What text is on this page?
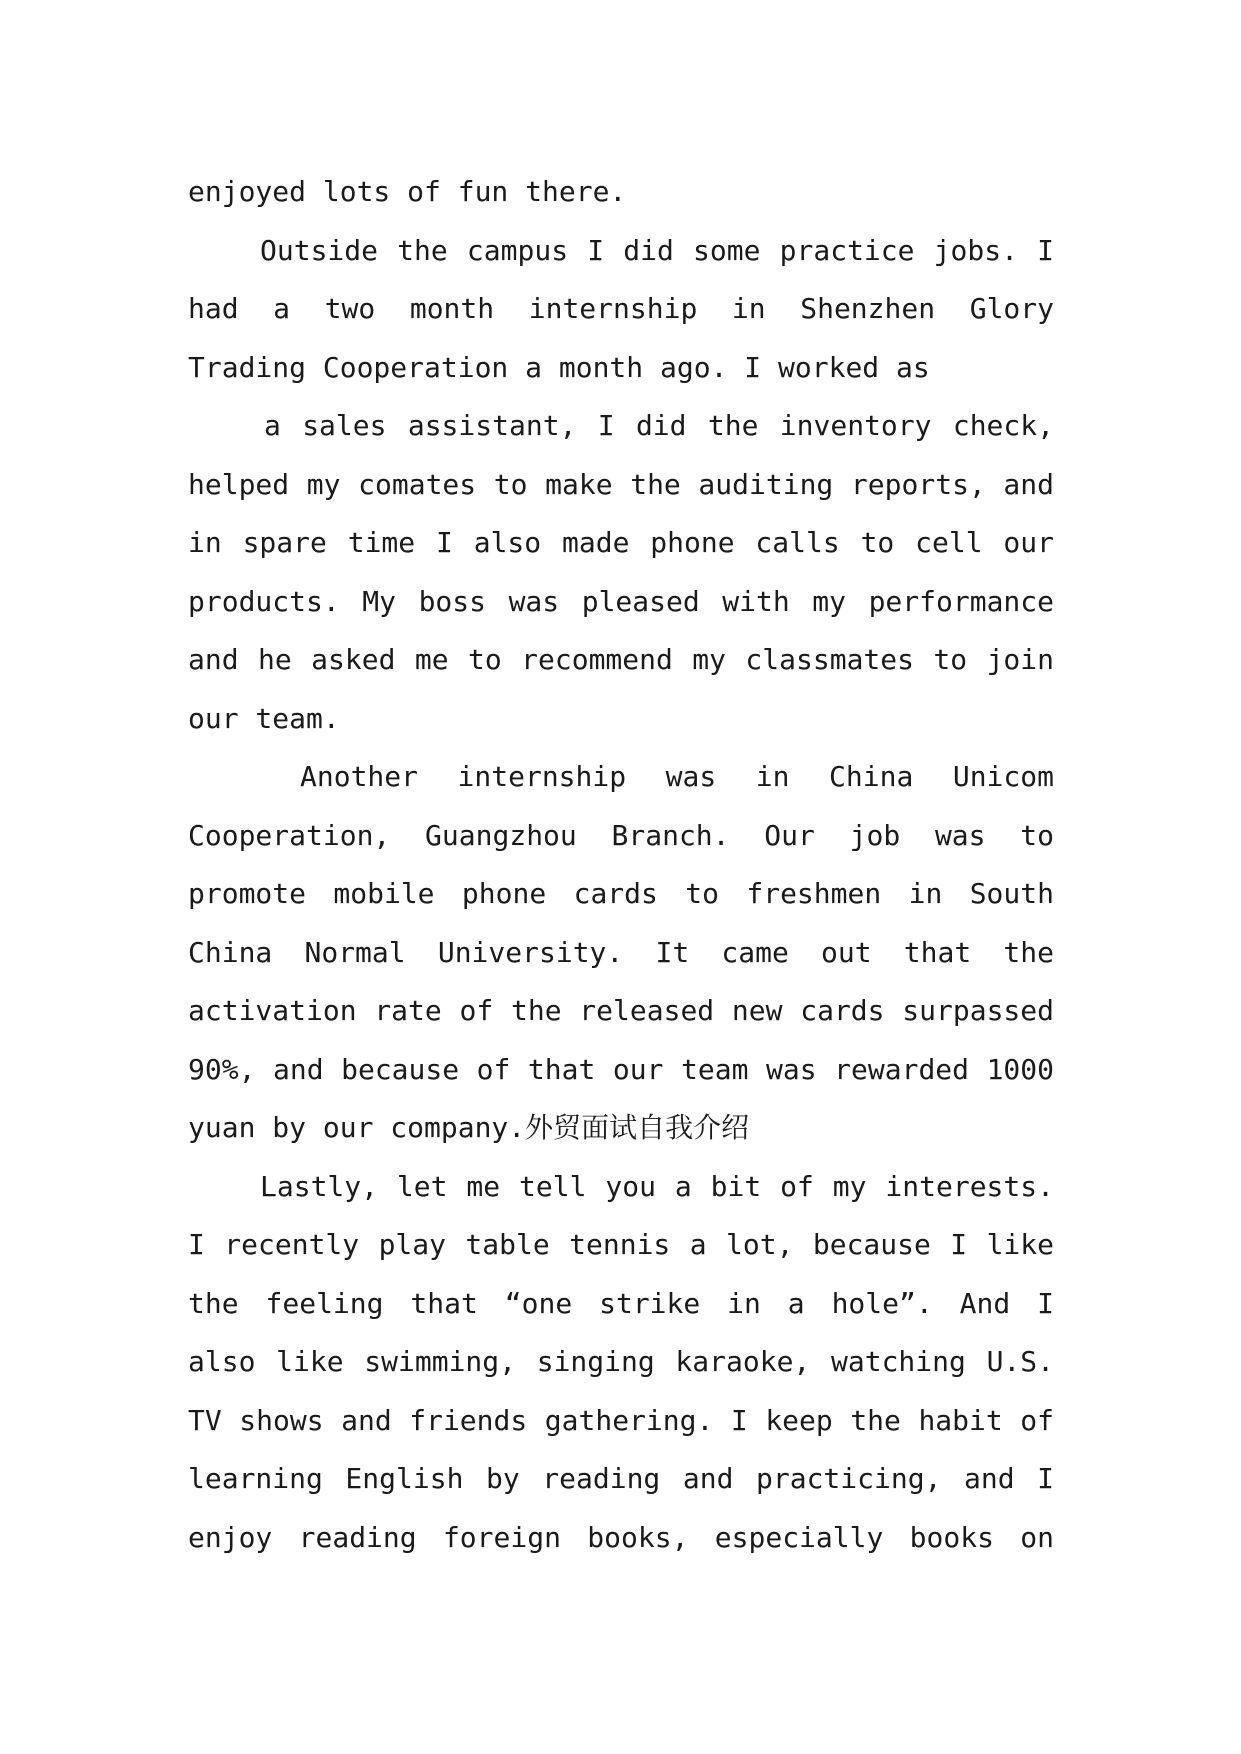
enjoyed lots of fun there.
Outside the campus I did some practice jobs. I
had a two month internship in Shenzhen Glory
Trading Cooperation a month ago. I worked as
a sales assistant, I did the inventory check,
helped my comates to make the auditing reports, and
in spare time I also made phone calls to cell our
products. My boss was pleased with my performance
and he asked me to recommend my classmates to join
our team.
Another internship was in China Unicom
Cooperation, Guangzhou Branch. Our job was to
promote mobile phone cards to freshmen in South
China Normal University. It came out that the
activation rate of the released new cards surpassed
90%, and because of that our team was rewarded 1000
yuan by our company.外贸面试自我介绍
Lastly, let me tell you a bit of my interests.
I recently play table tennis a lot, because I like
the feeling that “one strike in a hole”. And I
also like swimming, singing karaoke, watching U.S.
TV shows and friends gathering. I keep the habit of
learning English by reading and practicing, and I
enjoy reading foreign books, especially books on
